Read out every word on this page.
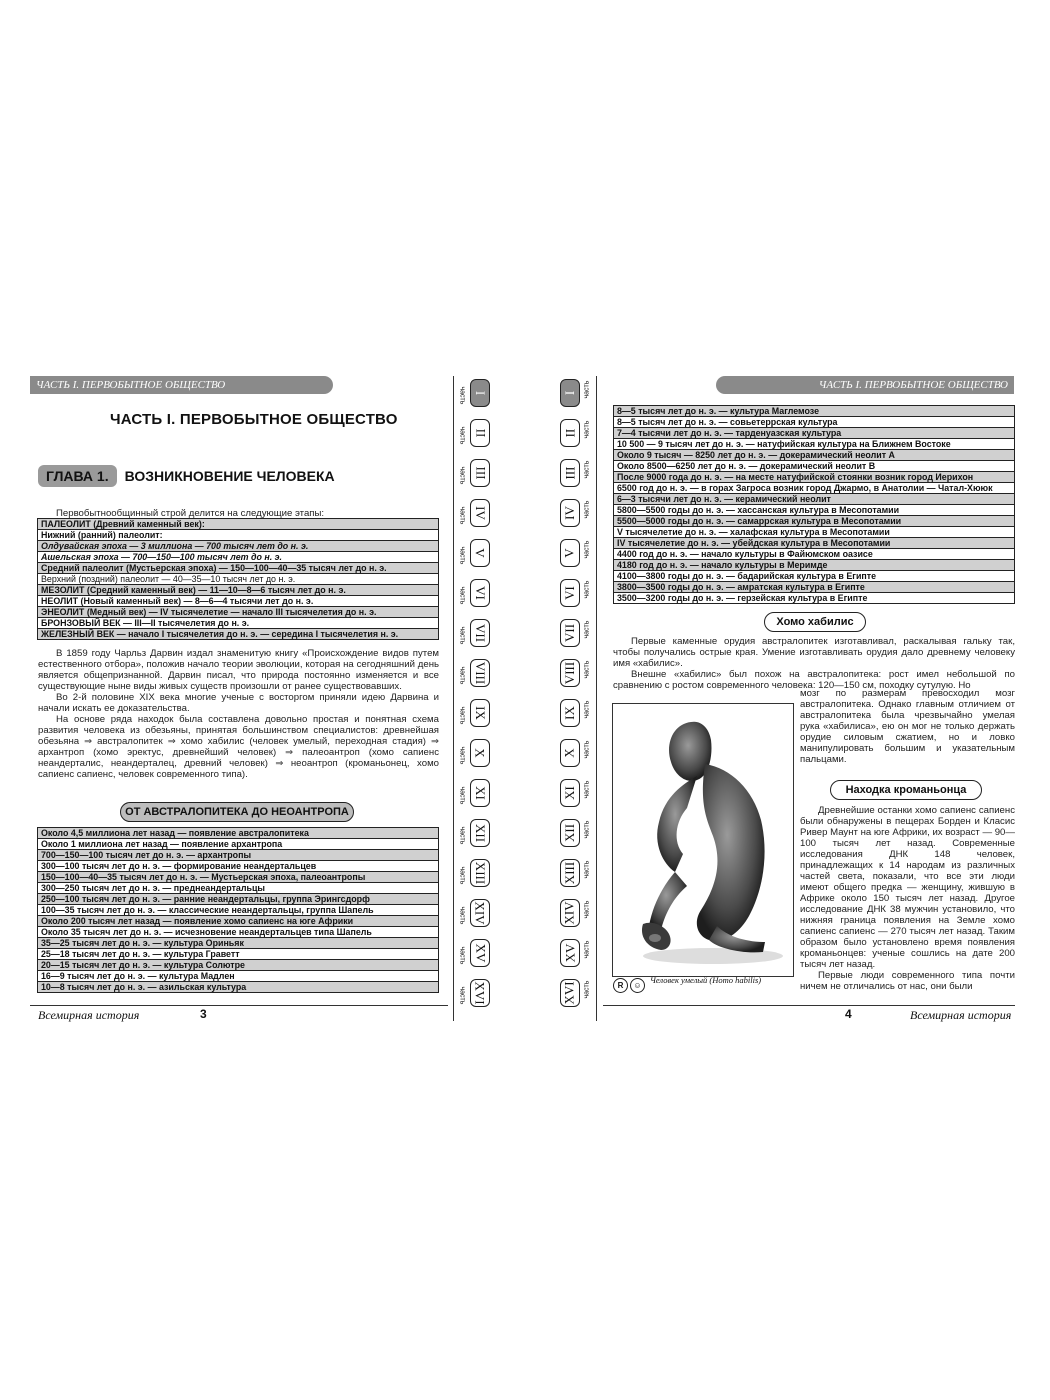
ЧАСТЬ I. ПЕРВОБЫТНОЕ ОБЩЕСТВО
ЧАСТЬ I. ПЕРВОБЫТНОЕ ОБЩЕСТВО
ГЛАВА 1.	ВОЗНИКНОВЕНИЕ ЧЕЛОВЕКА

Первобытнообщинный строй делится на следующие этапы:

ПАЛЕОЛИТ (Древний каменный век):
Нижний (ранний) палеолит:
Олдувайская эпоха — 3 миллиона — 700 тысяч лет до н. э.
Ашельская эпоха — 700—150—100 тысяч лет до н. э.
Средний палеолит (Мустьерская эпоха) — 150—100—40—35 тысяч лет до н. э.
Верхний (поздний) палеолит — 40—35—10 тысяч лет до н. э.
МЕЗОЛИТ (Средний каменный век) — 11—10—8—6 тысяч лет до н. э.
НЕОЛИТ (Новый каменный век) — 8—6—4 тысячи лет до н. э.
ЭНЕОЛИТ (Медный век) — IV тысячелетие — начало III тысячелетия до н. э.
БРОНЗОВЫЙ ВЕК — III—II тысячелетия до н. э.
ЖЕЛЕЗНЫЙ ВЕК — начало I тысячелетия до н. э. — середина I тысячелетия н. э.

В 1859 году Чарльз Дарвин издал знаменитую книгу «Происхождение видов путем естественного отбора», положив начало теории эволюции, которая на сегодняшний день является общепризнанной. Дарвин писал, что природа постоянно изменяется и все существующие ныне виды живых существ произошли от ранее существовавших.

Во 2-й половине XIX века многие ученые с восторгом приняли идею Дарвина и начали искать ее доказательства.

На основе ряда находок была составлена довольно простая и понятная схема развития человека из обезьяны, принятая большинством специалистов: древнейшая обезьяна ⇒ австралопитек ⇒ хомо хабилис (человек умелый, переходная стадия) ⇒ архантроп (хомо эректус, древнейший человек) ⇒ палеоантроп (хомо сапиенс неандерталис, неандерталец, древний человек) ⇒ неоантроп (кроманьонец, хомо сапиенс сапиенс, человек современного типа).

ОТ АВСТРАЛОПИТЕКА ДО НЕОАНТРОПА
Около 4,5 миллиона лет назад — появление австралопитека
Около 1 миллиона лет назад — появление архантропа
700—150—100 тысяч лет до н. э. — архантропы
300—100 тысяч лет до н. э. — формирование неандертальцев
150—100—40—35 тысяч лет до н. э. — Мустьерская эпоха, палеоантропы
300—250 тысяч лет до н. э. — преднеандертальцы
250—100 тысяч лет до н. э. — ранние неандертальцы, группа Эрингсдорф
100—35 тысяч лет до н. э. — классические неандертальцы, группа Шапель
Около 200 тысяч лет назад — появление хомо сапиенс на юге Африки
Около 35 тысяч лет до н. э. — исчезновение неандертальцев типа Шапель
35—25 тысяч лет до н. э. — культура Ориньяк
25—18 тысяч лет до н. э. — культура Граветт
20—15 тысяч лет до н. э. — культура Солютре
16—9 тысяч лет до н. э. — культура Мадлен
10—8 тысяч лет до н. э. — азильская культура
Всемирная история	3
I
часть
II
часть
III
часть
IV
часть
V
часть
VI
часть
VII
часть
VIII
часть
IX
часть
X
часть
XI
часть
XII
часть
XIII
часть
XIV
часть
XV
часть
XVI
часть
I часть
II часть
III часть
IV часть
V часть
VI часть
VII часть
VIII часть
IX часть
X часть
XI часть
XII часть
XIII часть
XIV часть
XV часть
XVI часть
ЧАСТЬ I. ПЕРВОБЫТНОЕ ОБЩЕСТВО
8—5 тысяч лет до н. э. — культура Маглемозе
8—5 тысяч лет до н. э. — совьетеррская культура
7—4 тысячи лет до н. э. — тарденуазская культура
10 500 — 9 тысяч лет до н. э. — натуфийская культура на Ближнем Востоке
Около 9 тысяч — 8250 лет до н. э. — докерамический неолит А
Около 8500—6250 лет до н. э. — докерамический неолит В
После 9000 года до н. э. — на месте натуфийской стоянки возник город Иерихон
6500 год до н. э. — в горах Загроса возник город Джармо, в Анатолии — Чатал-Хююк
6—3 тысячи лет до н. э. — керамический неолит
5800—5500 годы до н. э. — хассанская культура в Месопотамии
5500—5000 годы до н. э. — самаррская культура в Месопотамии
V тысячелетие до н. э. — халафская культура в Месопотамии
IV тысячелетие до н. э. — убейдская культура в Месопотамии
4400 год до н. э. — начало культуры в Файюмском оазисе
4180 год до н. э. — начало культуры в Меримде
4100—3800 годы до н. э. — бадарийская культура в Египте
3800—3500 годы до н. э. — амратская культура в Египте
3500—3200 годы до н. э. — герзейская культура в Египте
Хомо хабилис

Первые каменные орудия австралопитек изготавливал, раскалывая гальку так, чтобы получались острые края. Умение изготавливать орудия дало древнему человеку имя «хабилис».

Внешне «хабилис» был похож на австралопитека: рост имел небольшой по сравнению с ростом современного человека: 120—150 см, походку сутулую. Но

мозг по размерам превосходил мозг австралопитека. Однако главным отличием от австралопитека была чрезвычайно умелая рука «хабилиса», ею он мог не только держать орудие силовым сжатием, но и ловко манипулировать большим и указательным пальцами.

Находка кроманьонца

Древнейшие останки хомо сапиенс сапиенс были обнаружены в пещерах Борден и Класис Ривер Маунт на юге Африки, их возраст — 90—100 тысяч лет назад. Современные исследования ДНК 148 человек, принадлежащих к 14 народам из различных частей света, показали, что все эти люди имеют общего предка — женщину, жившую в Африке около 150 тысяч лет назад. Другое исследование ДНК 38 мужчин установило, что нижняя граница появления на Земле хомо сапиенс сапиенс — 270 тысяч лет назад. Таким образом было установлено время появления кроманьонцев: ученые сошлись на дате 200 тысяч лет назад.

Первые люди современного типа почти ничем не отличались от нас, они были

R	☺
Человек умелый (Homo habilis)
4	Всемирная история
